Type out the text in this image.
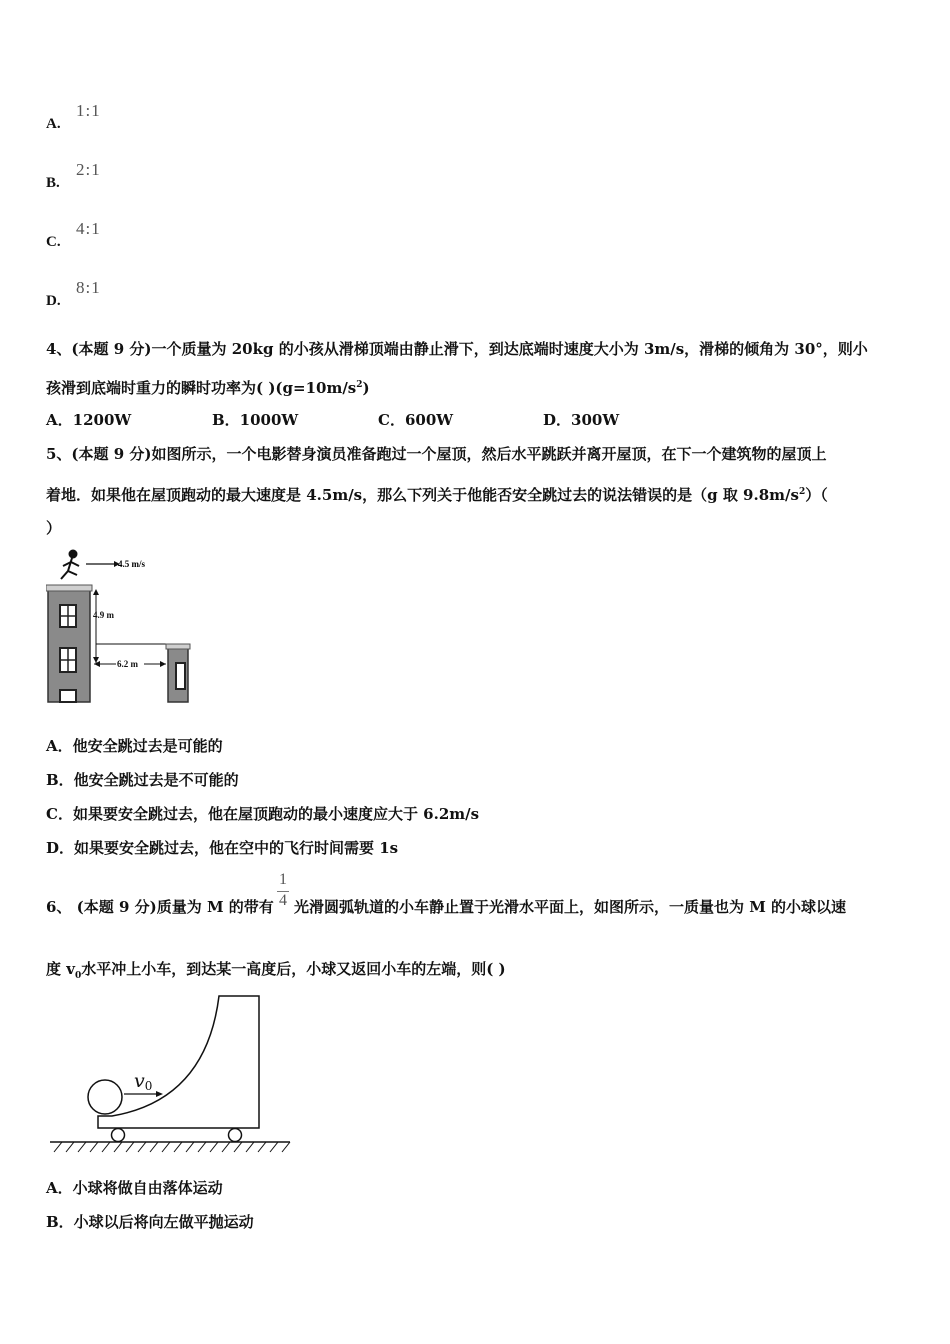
A.
1:1
B.
2:1
C.
4:1
D.
8:1
4、(本题 9 分)一个质量为 20kg 的小孩从滑梯顶端由静止滑下，到达底端时速度大小为 3m/s，滑梯的倾角为 30°，则小
孩滑到底端时重力的瞬时功率为( )$(g=10m/s^2)$
A．1200W	B．1000W	C．600W	D．300W
5、(本题 9 分)如图所示，一个电影替身演员准备跑过一个屋顶，然后水平跳跃并离开屋顶，在下一个建筑物的屋顶上
着地．如果他在屋顶跑动的最大速度是 4.5m/s，那么下列关于他能否安全跳过去的说法错误的是（g 取 $9.8m/s^2$）（
）
4.5 m/s
4.9 m
6.2 m
A．他安全跳过去是可能的
B．他安全跳过去是不可能的
C．如果要安全跳过去，他在屋顶跑动的最小速度应大于 6.2m/s
D．如果要安全跳过去，他在空中的飞行时间需要 1s
6、 (本题 9 分)质量为 M 的带有
1
4 光滑圆弧轨道的小车静止置于光滑水平面上，如图所示，一质量也为 M 的小球以速
度 $v_0$水平冲上小车，到达某一高度后，小球又返回小车的左端，则( )
v0
A．小球将做自由落体运动
B．小球以后将向左做平抛运动
